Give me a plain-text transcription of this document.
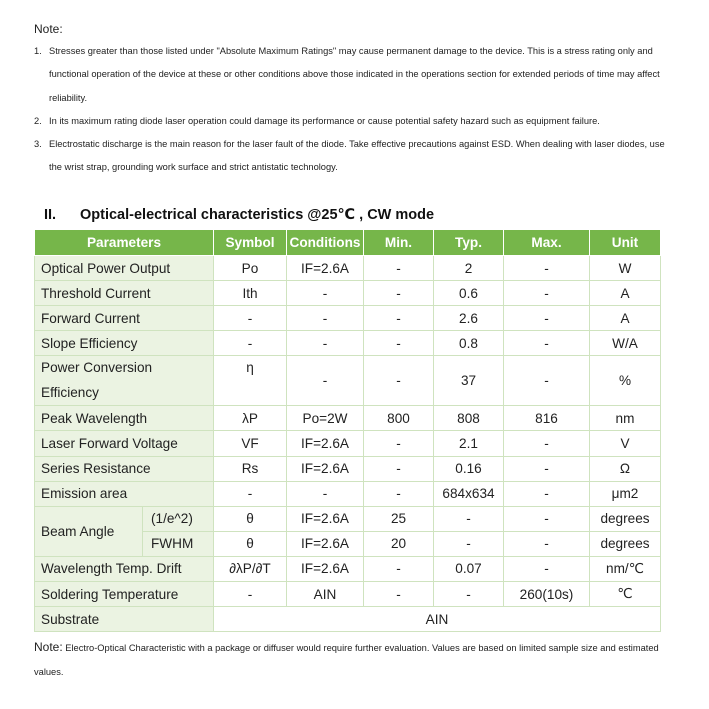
Note:
1. Stresses greater than those listed under "Absolute Maximum Ratings" may cause permanent damage to the device. This is a stress rating only and functional operation of the device at these or other conditions above those indicated in the operations section for extended periods of time may affect reliability.
2. In its maximum rating diode laser operation could damage its performance or cause potential safety hazard such as equipment failure.
3. Electrostatic discharge is the main reason for the laser fault of the diode. Take effective precautions against ESD. When dealing with laser diodes, use the wrist strap, grounding work surface and strict antistatic technology.
II. Optical-electrical characteristics @25℃ , CW mode
Parameters		Symbol	Conditions	Min.	Typ.	Max.	Unit
Optical Power Output		Po	IF=2.6A	-	2	-	W
Threshold Current		Ith	-	-	0.6	-	A
Forward Current		-	-	-	2.6	-	A
Slope Efficiency		-	-	-	0.8	-	W/A
Power Conversion Efficiency		η	-	-	37	-	%
Peak Wavelength		λP	Po=2W	800	808	816	nm
Laser Forward Voltage		VF	IF=2.6A	-	2.1	-	V
Series Resistance		Rs	IF=2.6A	-	0.16	-	Ω
Emission area		-	-	-	684x634	-	μm2
Beam Angle	(1/e^2)	θ	IF=2.6A	25	-	-	degrees
	FWHM	θ	IF=2.6A	20	-	-	degrees
Wavelength Temp. Drift		∂λP/∂T	IF=2.6A	-	0.07	-	nm/℃
Soldering Temperature		-	AIN	-	-	260(10s)	℃
Substrate		AIN					
Note: Electro-Optical Characteristic with a package or diffuser would require further evaluation. Values are based on limited sample size and estimated values.
